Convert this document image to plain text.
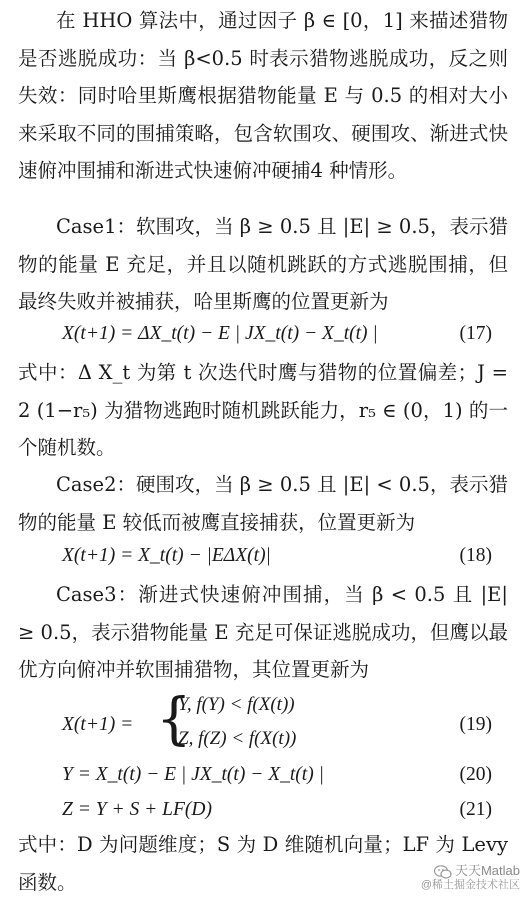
在 HHO 算法中，通过因子 β ∈ [0，1] 来描述猎物是否逃脱成功：当 β<0.5 时表示猎物逃脱成功，反之则失效：同时哈里斯鹰根据猎物能量 E 与 0.5 的相对大小来采取不同的围捕策略，包含软围攻、硬围攻、渐进式快速俯冲围捕和渐进式快速俯冲硬捕4 种情形。
Case1：软围攻，当 β ≥ 0.5 且 |E| ≥ 0.5，表示猎物的能量 E 充足，并且以随机跳跃的方式逃脱围捕，但最终失败并被捕获，哈里斯鹰的位置更新为
X(t+1) = ΔX_t(t) − E | JX_t(t) − X_t(t) |	(17)
式中：Δ X_t 为第 t 次迭代时鹰与猎物的位置偏差；J = 2 (1−r₅) 为猎物逃跑时随机跳跃能力，r₅ ∈ (0，1) 的一个随机数。
Case2：硬围攻，当 β ≥ 0.5 且 |E| < 0.5，表示猎物的能量 E 较低而被鹰直接捕获，位置更新为
X(t+1) = X_t(t) − |EΔX(t)|	(18)
Case3：渐进式快速俯冲围捕，当 β < 0.5 且 |E| ≥ 0.5，表示猎物能量 E 充足可保证逃脱成功，但鹰以最优方向俯冲并软围捕猎物，其位置更新为
X(t+1) = {
Y, f(Y) < f(X(t))
Z, f(Z) < f(X(t))
(19)
Y = X_t(t) − E | JX_t(t) − X_t(t) |	(20)
Z = Y + S + LF(D)	(21)
式中：D 为问题维度；S 为 D 维随机向量；LF 为 Levy 函数。	天天Matlab
@稀土掘金技术社区
